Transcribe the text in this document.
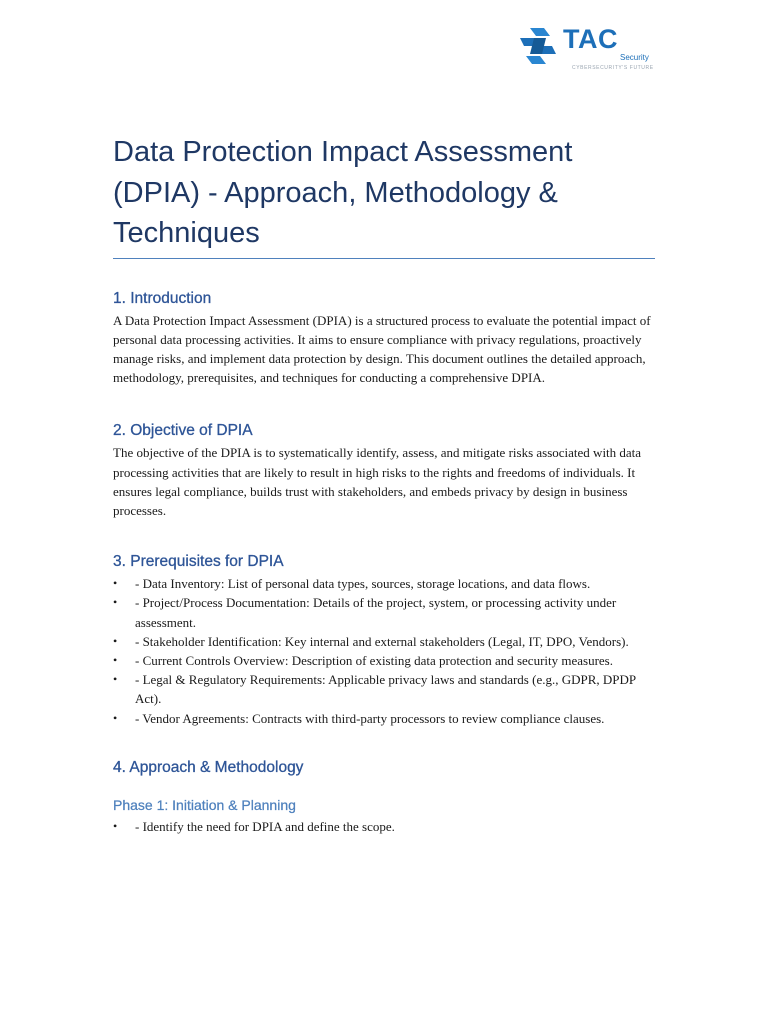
TAC
Security
CYBERSECURITY'S FUTURE
Data Protection Impact Assessment (DPIA) - Approach, Methodology & Techniques
1. Introduction

A Data Protection Impact Assessment (DPIA) is a structured process to evaluate the potential impact of personal data processing activities. It aims to ensure compliance with privacy regulations, proactively manage risks, and implement data protection by design. This document outlines the detailed approach, methodology, prerequisites, and techniques for conducting a comprehensive DPIA.

2. Objective of DPIA

The objective of the DPIA is to systematically identify, assess, and mitigate risks associated with data processing activities that are likely to result in high risks to the rights and freedoms of individuals. It ensures legal compliance, builds trust with stakeholders, and embeds privacy by design in business processes.

3. Prerequisites for DPIA
• - Data Inventory: List of personal data types, sources, storage locations, and data flows.
• - Project/Process Documentation: Details of the project, system, or processing activity under assessment.
• - Stakeholder Identification: Key internal and external stakeholders (Legal, IT, DPO, Vendors).
• - Current Controls Overview: Description of existing data protection and security measures.
• - Legal & Regulatory Requirements: Applicable privacy laws and standards (e.g., GDPR, DPDP Act).
• - Vendor Agreements: Contracts with third-party processors to review compliance clauses.
4. Approach & Methodology
Phase 1: Initiation & Planning
• - Identify the need for DPIA and define the scope.
